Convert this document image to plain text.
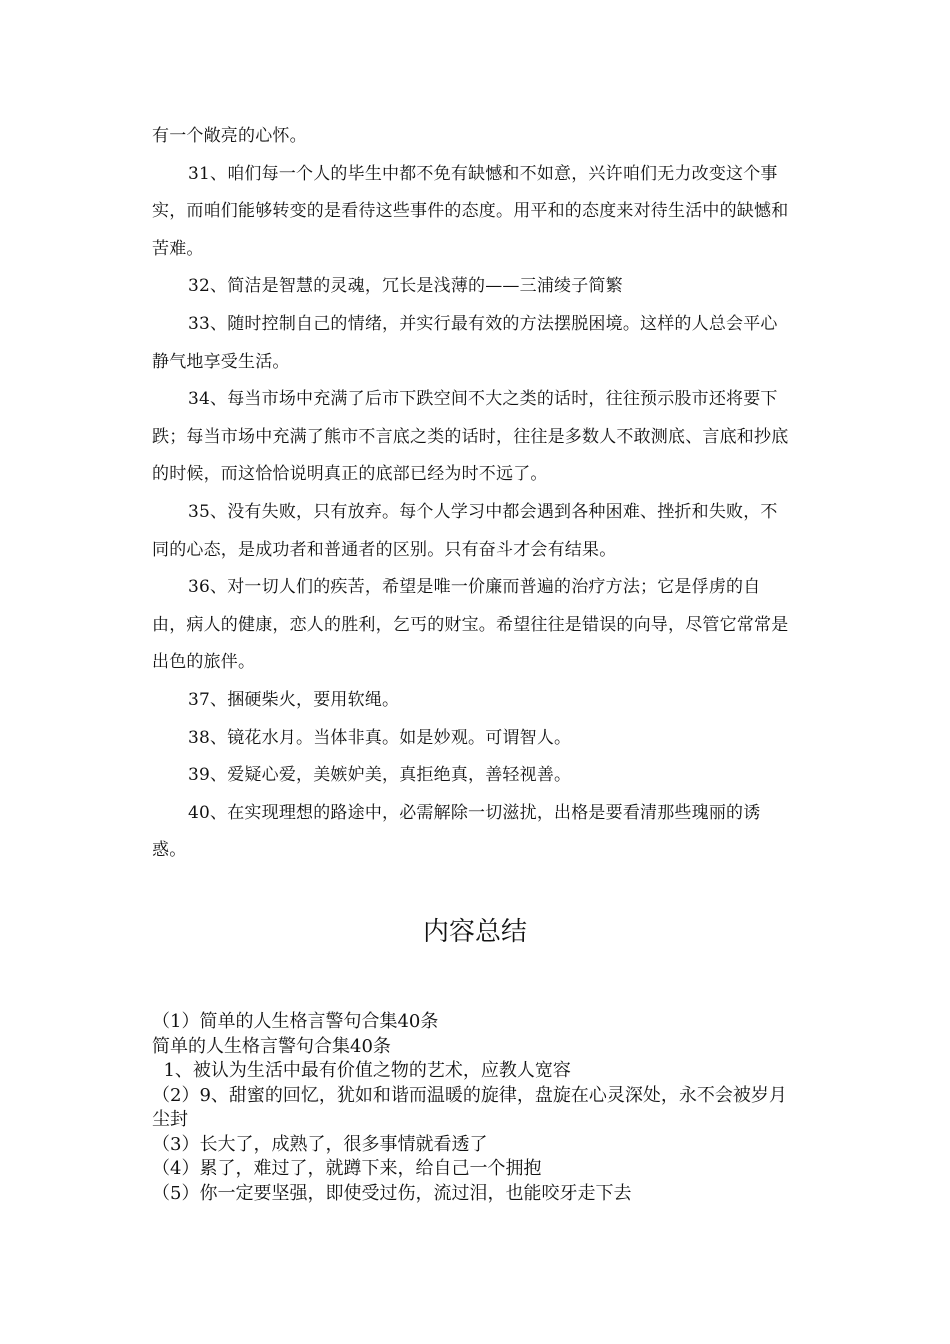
有一个敞亮的心怀。

31、咱们每一个人的毕生中都不免有缺憾和不如意，兴许咱们无力改变这个事实，而咱们能够转变的是看待这些事件的态度。用平和的态度来对待生活中的缺憾和苦难。

32、简洁是智慧的灵魂，冗长是浅薄的——三浦绫子简繁

33、随时控制自己的情绪，并实行最有效的方法摆脱困境。这样的人总会平心静气地享受生活。

34、每当市场中充满了后市下跌空间不大之类的话时，往往预示股市还将要下跌；每当市场中充满了熊市不言底之类的话时，往往是多数人不敢测底、言底和抄底的时候，而这恰恰说明真正的底部已经为时不远了。

35、没有失败，只有放弃。每个人学习中都会遇到各种困难、挫折和失败，不同的心态，是成功者和普通者的区别。只有奋斗才会有结果。

36、对一切人们的疾苦，希望是唯一价廉而普遍的治疗方法；它是俘虏的自由，病人的健康，恋人的胜利，乞丐的财宝。希望往往是错误的向导，尽管它常常是出色的旅伴。

37、捆硬柴火，要用软绳。

38、镜花水月。当体非真。如是妙观。可谓智人。

39、爱疑心爱，美嫉妒美，真拒绝真，善轻视善。

40、在实现理想的路途中，必需解除一切滋扰，出格是要看清那些瑰丽的诱惑。

内容总结

（1）简单的人生格言警句合集40条

简单的人生格言警句合集40条

1、被认为生活中最有价值之物的艺术，应教人宽容

（2）9、甜蜜的回忆，犹如和谐而温暖的旋律，盘旋在心灵深处，永不会被岁月尘封

（3）长大了，成熟了，很多事情就看透了

（4）累了，难过了，就蹲下来，给自己一个拥抱

（5）你一定要坚强，即使受过伤，流过泪，也能咬牙走下去
